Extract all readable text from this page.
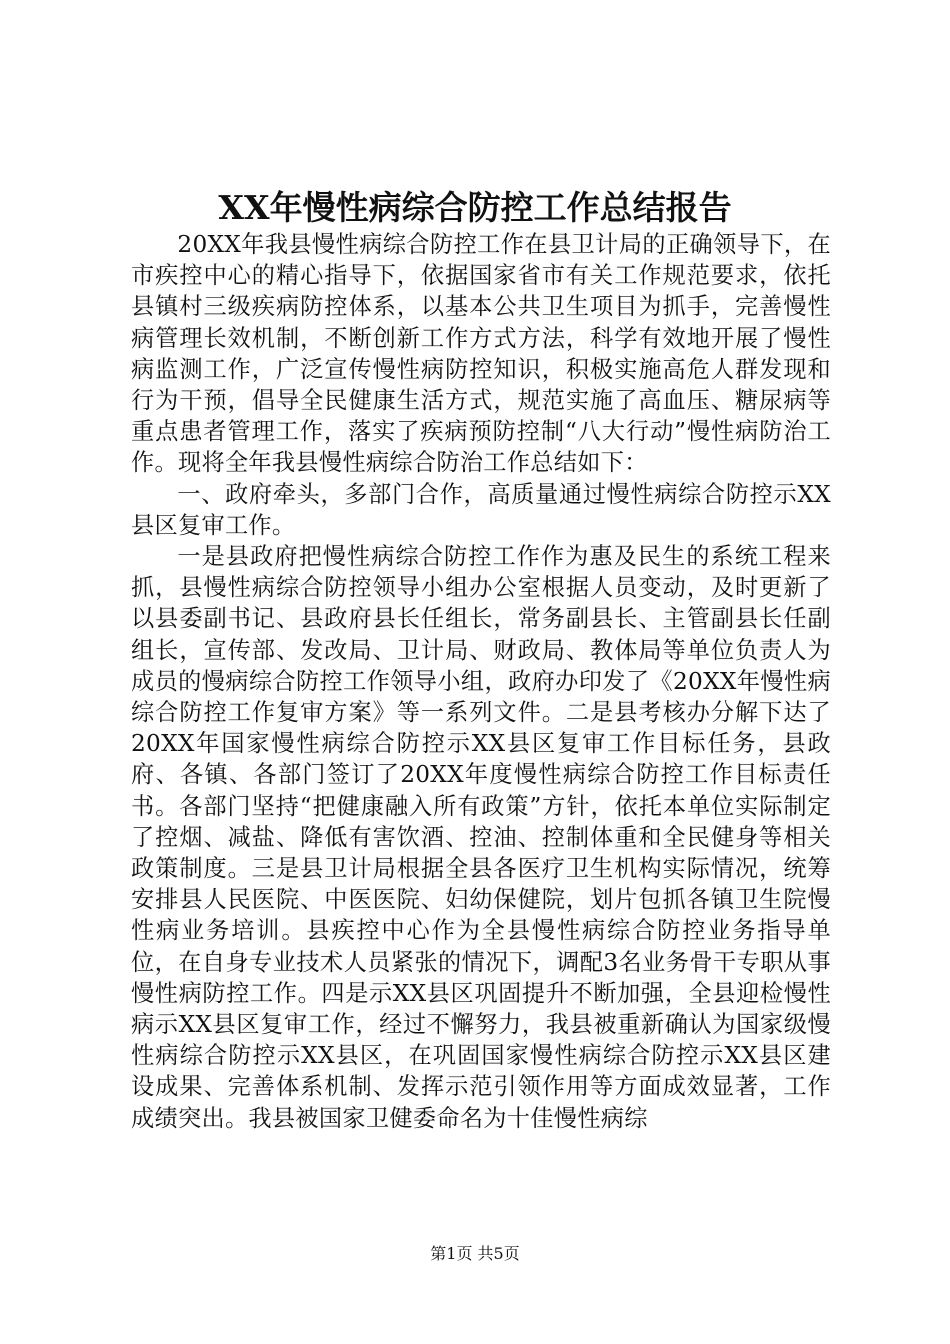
XX年慢性病综合防控工作总结报告

20XX年我县慢性病综合防控工作在县卫计局的正确领导下，在市疾控中心的精心指导下，依据国家省市有关工作规范要求，依托县镇村三级疾病防控体系，以基本公共卫生项目为抓手，完善慢性病管理长效机制，不断创新工作方式方法，科学有效地开展了慢性病监测工作，广泛宣传慢性病防控知识，积极实施高危人群发现和行为干预，倡导全民健康生活方式，规范实施了高血压、糖尿病等重点患者管理工作，落实了疾病预防控制“八大行动”慢性病防治工作。现将全年我县慢性病综合防治工作总结如下：

一、政府牵头，多部门合作，高质量通过慢性病综合防控示XX县区复审工作。

一是县政府把慢性病综合防控工作作为惠及民生的系统工程来抓，县慢性病综合防控领导小组办公室根据人员变动，及时更新了以县委副书记、县政府县长任组长，常务副县长、主管副县长任副组长，宣传部、发改局、卫计局、财政局、教体局等单位负责人为成员的慢病综合防控工作领导小组，政府办印发了《20XX年慢性病综合防控工作复审方案》等一系列文件。二是县考核办分解下达了20XX年国家慢性病综合防控示XX县区复审工作目标任务，县政府、各镇、各部门签订了20XX年度慢性病综合防控工作目标责任书。各部门坚持“把健康融入所有政策”方针，依托本单位实际制定了控烟、减盐、降低有害饮酒、控油、控制体重和全民健身等相关政策制度。三是县卫计局根据全县各医疗卫生机构实际情况，统筹安排县人民医院、中医医院、妇幼保健院，划片包抓各镇卫生院慢性病业务培训。县疾控中心作为全县慢性病综合防控业务指导单位，在自身专业技术人员紧张的情况下，调配3名业务骨干专职从事慢性病防控工作。四是示XX县区巩固提升不断加强，全县迎检慢性病示XX县区复审工作，经过不懈努力，我县被重新确认为国家级慢性病综合防控示XX县区，在巩固国家慢性病综合防控示XX县区建设成果、完善体系机制、发挥示范引领作用等方面成效显著，工作成绩突出。我县被国家卫健委命名为十佳慢性病综

第1页 共5页
